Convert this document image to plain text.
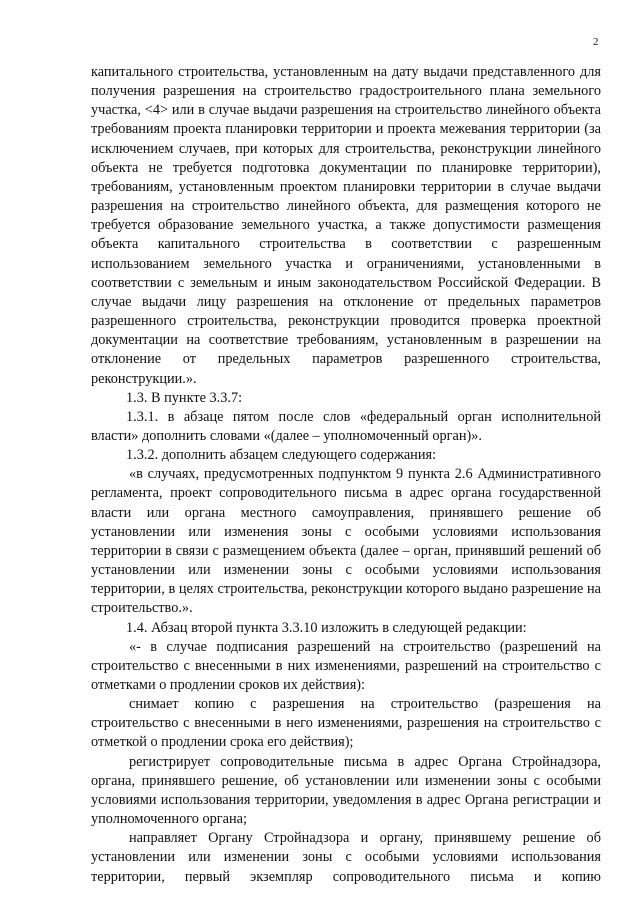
2

капитального строительства, установленным на дату выдачи представленного для получения разрешения на строительство градостроительного плана земельного участка, <4> или в случае выдачи разрешения на строительство линейного объекта требованиям проекта планировки территории и проекта межевания территории (за исключением случаев, при которых для строительства, реконструкции линейного объекта не требуется подготовка документации по планировке территории), требованиям, установленным проектом планировки территории в случае выдачи разрешения на строительство линейного объекта, для размещения которого не требуется образование земельного участка, а также допустимости размещения объекта капитального строительства в соответствии с разрешенным использованием земельного участка и ограничениями, установленными в соответствии с земельным и иным законодательством Российской Федерации. В случае выдачи лицу разрешения на отклонение от предельных параметров разрешенного строительства, реконструкции проводится проверка проектной документации на соответствие требованиям, установленным в разрешении на отклонение от предельных параметров разрешенного строительства, реконструкции.».

1.3. В пункте 3.3.7:

1.3.1. в абзаце пятом после слов «федеральный орган исполнительной власти» дополнить словами «(далее – уполномоченный орган)».

1.3.2. дополнить абзацем следующего содержания:

«в случаях, предусмотренных подпунктом 9 пункта 2.6 Административного регламента, проект сопроводительного письма в адрес органа государственной власти или органа местного самоуправления, принявшего решение об установлении или изменения зоны с особыми условиями использования территории в связи с размещением объекта (далее – орган, принявший решений об установлении или изменении зоны с особыми условиями использования территории, в целях строительства, реконструкции которого выдано разрешение на строительство.».

1.4. Абзац второй пункта 3.3.10 изложить в следующей редакции:

«- в случае подписания разрешений на строительство (разрешений на строительство с внесенными в них изменениями, разрешений на строительство с отметками о продлении сроков их действия):

снимает копию с разрешения на строительство (разрешения на строительство с внесенными в него изменениями, разрешения на строительство с отметкой о продлении срока его действия);

регистрирует сопроводительные письма в адрес Органа Стройнадзора, органа, принявшего решение, об установлении или изменении зоны с особыми условиями использования территории, уведомления в адрес Органа регистрации и уполномоченного органа;

направляет Органу Стройнадзора и органу, принявшему решение об установлении или изменении зоны с особыми условиями использования территории, первый экземпляр сопроводительного письма и копию
